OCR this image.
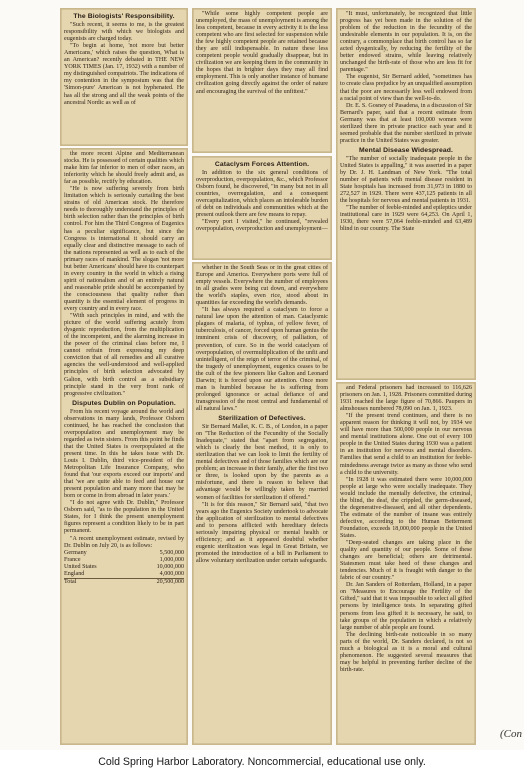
The Biologists' Responsibility.

"Such recent, it seems to me, is the greatest responsibility with which we biologists and eugenists are charged today.

"To begin at home, 'not more but better Americans,' which raises the question, What is an American? recently debated in THE NEW YORK TIMES (Jan. 17, 1932) with a number of my distinguished compatriots. The indications of my contention in the symposium was that the 'Simon-pure' American is not hyphenated. He has all the strong and all the weak points of the ancestral Nordic as well as of

the more recent Alpine and Mediterranean stocks. He is possessed of certain qualities which make him far inferior to men of other races, an inferiority which he should freely admit and, as far as possible, rectify by education.

"He is now suffering severely from birth limitation which is seriously curtailing the best strains of old American stock. He therefore needs to thoroughly understand the principles of birth selection rather than the principles of birth control. For him the Third Congress of Eugenics has a peculiar significance, but since the Congress is international it should carry an equally clear and distinctive message to each of the nations represented as well as to each of the primary races of mankind. The slogan 'not more but better Americans' should have its counterpart in every country in the world in which a rising spirit of nationalism and of an entirely natural and reasonable pride should be accompanied by the consciousness that quality rather than quantity is the essential element of progress in every country and in every race.

"With such principles in mind, and with the picture of the world suffering acutely from dysgenic reproduction, from the multiplication of the incompetent, and the alarming increase in the power of the criminal class before me, I cannot refrain from expressing my deep conviction that of all remedies and all curative agencies the well-understood and well-applied principles of birth selection advocated by Galton, with birth control as a subsidiary principle stand in the very front rank of progressive civilization."

Disputes Dublin on Population.

From his recent voyage around the world and observations in many lands, Professor Osborn continued, he has reached the conclusion that overpopulation and unemployment may be regarded as twin sisters. From this point he finds that the United States is overpopulated at the present time. In this he takes issue with Dr. Louis I. Dublin, third vice-president of the Metropolitan Life Insurance Company, who found that 'our exports exceed our imports' and that 'we are quite able to feed and house our present population and many more that may be born or come in from abroad in later years.'

"I do not agree with Dr. Dublin," Professor Osborn said, "as to the population in the United States, for I think the present unemployment figures represent a condition likely to be in part permanent.

"A recent unemployment estimate, revised by Dr. Dublin on July 20, is as follows:

Germany	5,500,000
France	1,000,000
United States	10,000,000
England	4,000,000
Total	20,500,000

"While some highly competent people are unemployed, the mass of unemployment is among the less competent, because in every activity it is the less competent who are first selected for suspension while the few highly competent people are retained because they are still indispensable. In nature these less competent people would gradually disappear, but in civilization we are keeping them in the community in the hopes that in brighter days they may all find employment. This is only another instance of humane civilization going directly against the order of nature and encouraging the survival of the unfittest."

Cataclysm Forces Attention.

In addition to the six general conditions of overproduction, overpopulation, &c., which Professor Osborn found, he discovered, "in many but not in all countries, overregulation, and a consequent overcapitalization, which places an intolerable burden of debt on individuals and communities which at the present outlook there are few means to repay.

"Every port I visited," he continued, "revealed overpopulation, overproduction and unemployment—

whether in the South Seas or in the great cities of Europe and America. Everywhere ports were full of empty vessels. Everywhere the number of employees in all grades were being cut down, and everywhere the world's staples, even rice, stood about in quantities far exceeding the world's demands.

"It has always required a cataclysm to force a natural law upon the attention of man. Cataclysmic plagues of malaria, of typhus, of yellow fever, of tuberculosis, of cancer, forced upon human genius the imminent crisis of discovery, of palliation, of prevention, of cure. So in the world cataclysm of overpopulation, of overmultiplication of the unfit and unintelligent, of the reign of terror of the criminal, of the tragedy of unemployment, eugenics ceases to be the cult of the few pioneers like Galton and Leonard Darwin; it is forced upon our attention. Once more man is humbled because he is suffering from prolonged ignorance or actual defiance of and transgression of the most central and fundamental of all natural laws."

Sterilization of Defectives.

Sir Bernard Mallet, K. C. B., of London, in a paper on "The Reduction of the Fecundity of the Socially Inadequate," stated that "apart from segregation, which is clearly the best method, it is only to sterilization that we can look to limit the fertility of mental defectives and of those families which are our problem; an increase in their family, after the first two or three, is looked upon by the parents as a misfortune, and there is reason to believe that advantage would be willingly taken by married women of facilities for sterilization if offered."

"It is for this reason," Sir Bernard said, "that two years ago the Eugenics Society undertook to advocate the application of sterilization to mental defectives and to persons afflicted with hereditary defects seriously impairing physical or mental health or efficiency; and as it appeared doubtful whether eugenic sterilization was legal in Great Britain, we promoted the introduction of a bill in Parliament to allow voluntary sterilization under certain safeguards.

"It must, unfortunately, be recognized that little progress has yet been made in the solution of the problem of the reduction in the fecundity of the undesirable elements in our population. It is, on the contrary, a commonplace that birth control has so far acted dysgenically, by reducing the fertility of the better endowed strains, while leaving relatively unchanged the birth-rate of those who are less fit for parentage."

The eugenist, Sir Bernard added, "sometimes has to create class prejudice by an unqualified assumption that the poor are necessarily less well endowed from a racial point of view than the well-to-do.

Dr. E. S. Gosney of Pasadena, in a discussion of Sir Bernard's paper, said that a recent estimate from Germany was that at least 100,000 women were sterilized there in private practice each year and it seemed probable that the number sterilized in private practice in the United States was greater.

Mental Disease Widespread.

"The number of socially inadequate people in the United States is appalling," it was asserted in a paper by Dr. J. H. Landman of New York. "The total number of patients with mental disease resident in State hospitals has increased from 31,973 in 1880 to 272,527 in 1929. There were 437,125 patients in all the hospitals for nervous and mental patients in 1931.

"The number of feeble-minded and epileptics under institutional care in 1929 were 64,253. On April 1, 1930, there were 57,064 feeble-minded and 63,489 blind in our country. The State

and Federal prisoners had increased to 116,626 prisoners on Jan. 1, 1928. Prisoners committed during 1931 reached the large figure of 70,866. Paupers in almshouses numbered 78,090 on Jan. 1, 1923.

"If the present trend continues, and there is no apparent reason for thinking it will not, by 1934 we will have more than 500,000 people in our nervous and mental institutions alone. One out of every 100 people in the United States during 1930 was a patient in an institution for nervous and mental disorders. Families that send a child to an institution for feeble-mindedness average twice as many as those who send a child to the university.

"In 1928 it was estimated there were 10,000,000 people at large who were socially inadequate. They would include the mentally defective, the criminal, the blind, the deaf, the crippled, the germ-diseased, the degenerative-diseased, and all other dependents. The estimate of the number of insane was entirely defective, according to the Human Betterment Foundation, exceeds 18,000,000 people in the United States.

"Deep-seated changes are taking place in the quality and quantity of our people. Some of these changes are beneficial; others are detrimental. Statesmen must take heed of these changes and tendencies. Much of it is fraught with danger to the fabric of our country."

Dr. Jan Sanders of Rotterdam, Holland, in a paper on "Measures to Encourage the Fertility of the Gifted," said that it was impossible to select all gifted persons by intelligence tests. In separating gifted persons from less gifted it is necessary, he said, to take groups of the population in which a relatively large number of able people are found.

The declining birth-rate noticeable in so many parts of the world, Dr. Sanders declared, is not so much a biological as it is a moral and cultural phenomenon. He suggested several measures that may be helpful in preventing further decline of the birth-rate.

(Con
Cold Spring Harbor Laboratory. Noncommercial, educational use only.
